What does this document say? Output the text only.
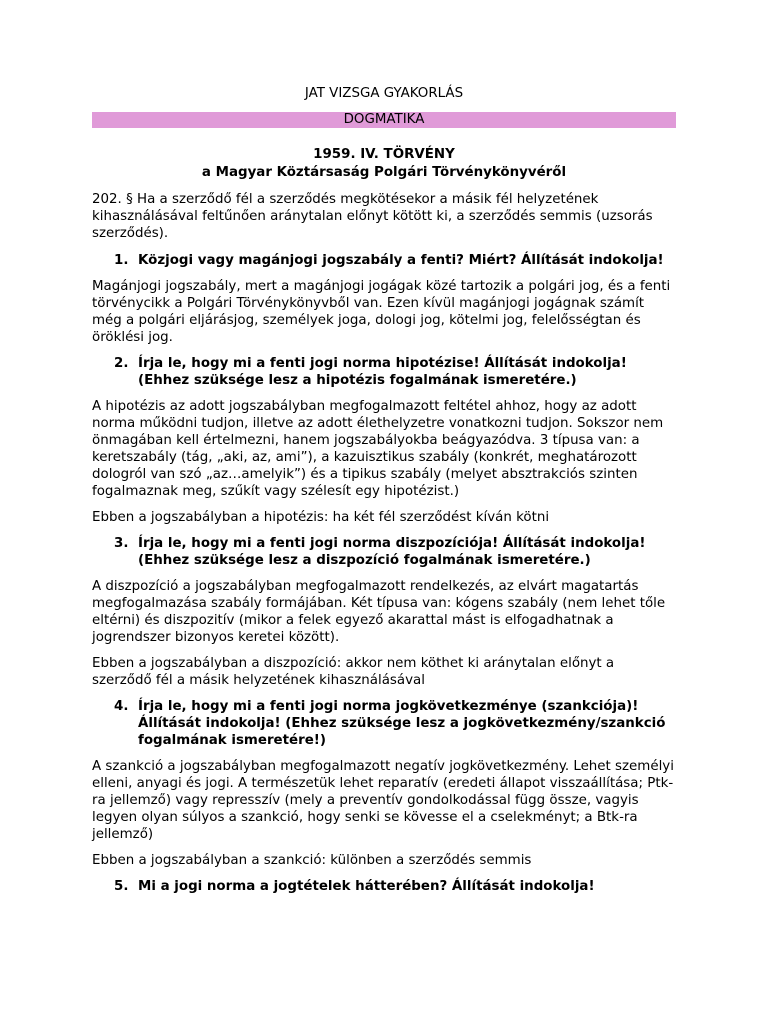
JAT VIZSGA GYAKORLÁS

DOGMATIKA
1959. IV. TÖRVÉNY
a Magyar Köztársaság Polgári Törvénykönyvéről

202. § Ha a szerződő fél a szerződés megkötésekor a másik fél helyzetének kihasználásával feltűnően aránytalan előnyt kötött ki, a szerződés semmis (uzsorás szerződés).

1. Közjogi vagy magánjogi jogszabály a fenti? Miért? Állítását indokolja!

Magánjogi jogszabály, mert a magánjogi jogágak közé tartozik a polgári jog, és a fenti törvénycikk a Polgári Törvénykönyvből van. Ezen kívül magánjogi jogágnak számít még a polgári eljárásjog, személyek joga, dologi jog, kötelmi jog, felelősségtan és öröklési jog.

2. Írja le, hogy mi a fenti jogi norma hipotézise! Állítását indokolja! (Ehhez szüksége lesz a hipotézis fogalmának ismeretére.)

A hipotézis az adott jogszabályban megfogalmazott feltétel ahhoz, hogy az adott norma működni tudjon, illetve az adott élethelyzetre vonatkozni tudjon. Sokszor nem önmagában kell értelmezni, hanem jogszabályokba beágyazódva. 3 típusa van: a keretszabály (tág, „aki, az, ami”), a kazuisztikus szabály (konkrét, meghatározott dologról van szó „az…amelyik”) és a tipikus szabály (melyet absztrakciós szinten fogalmaznak meg, szűkít vagy szélesít egy hipotézist.)

Ebben a jogszabályban a hipotézis: ha két fél szerződést kíván kötni

3. Írja le, hogy mi a fenti jogi norma diszpozíciója! Állítását indokolja! (Ehhez szüksége lesz a diszpozíció fogalmának ismeretére.)

A diszpozíció a jogszabályban megfogalmazott rendelkezés, az elvárt magatartás megfogalmazása szabály formájában. Két típusa van: kógens szabály (nem lehet tőle eltérni) és diszpozitív (mikor a felek egyező akarattal mást is elfogadhatnak a jogrendszer bizonyos keretei között).

Ebben a jogszabályban a diszpozíció: akkor nem köthet ki aránytalan előnyt a szerződő fél a másik helyzetének kihasználásával

4. Írja le, hogy mi a fenti jogi norma jogkövetkezménye (szankciója)! Állítását indokolja! (Ehhez szüksége lesz a jogkövetkezmény/szankció fogalmának ismeretére!)

A szankció a jogszabályban megfogalmazott negatív jogkövetkezmény. Lehet személyi elleni, anyagi és jogi. A természetük lehet reparatív (eredeti állapot visszaállítása; Ptk-ra jellemző) vagy represszív (mely a preventív gondolkodással függ össze, vagyis legyen olyan súlyos a szankció, hogy senki se kövesse el a cselekményt; a Btk-ra jellemző)

Ebben a jogszabályban a szankció: különben a szerződés semmis

5. Mi a jogi norma a jogtételek hátterében? Állítását indokolja!
